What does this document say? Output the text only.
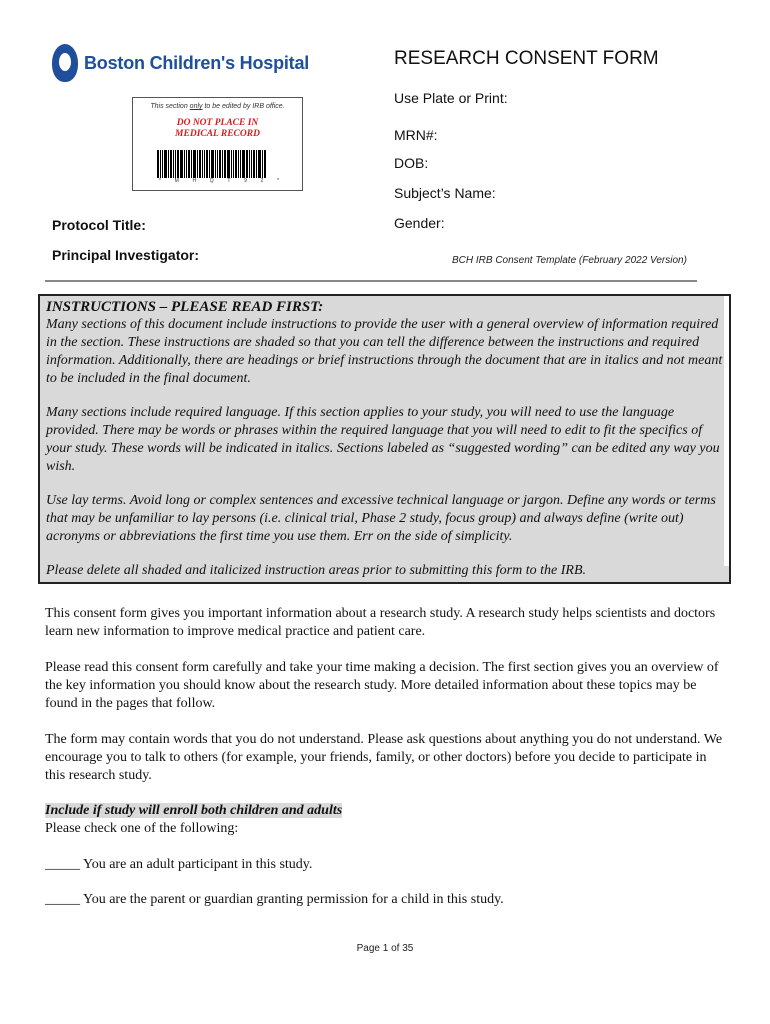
Boston Children's Hospital
This section only to be edited by IRB office.
DO NOT PLACE IN
MEDICAL RECORD
*	M	H	Q	T	9	2	*
RESEARCH CONSENT FORM
Use Plate or Print:
MRN#:
DOB:
Subject’s Name:
Gender:
Protocol Title:
Principal Investigator:	BCH IRB Consent Template (February 2022 Version)

INSTRUCTIONS – PLEASE READ FIRST:

Many sections of this document include instructions to provide the user with a general overview of information required in the section. These instructions are shaded so that you can tell the difference between the instructions and required information. Additionally, there are headings or brief instructions through the document that are in italics and not meant to be included in the final document.

Many sections include required language. If this section applies to your study, you will need to use the language provided. There may be words or phrases within the required language that you will need to edit to fit the specifics of your study. These words will be indicated in italics. Sections labeled as “suggested wording” can be edited any way you wish.

Use lay terms. Avoid long or complex sentences and excessive technical language or jargon. Define any words or terms that may be unfamiliar to lay persons (i.e. clinical trial, Phase 2 study, focus group) and always define (write out) acronyms or abbreviations the first time you use them. Err on the side of simplicity.

Please delete all shaded and italicized instruction areas prior to submitting this form to the IRB.

This consent form gives you important information about a research study. A research study helps scientists and doctors learn new information to improve medical practice and patient care.

Please read this consent form carefully and take your time making a decision. The first section gives you an overview of the key information you should know about the research study. More detailed information about these topics may be found in the pages that follow.

The form may contain words that you do not understand. Please ask questions about anything you do not understand. We encourage you to talk to others (for example, your friends, family, or other doctors) before you decide to participate in this research study.

Include if study will enroll both children and adults

Please check one of the following:

_____ You are an adult participant in this study.

_____ You are the parent or guardian granting permission for a child in this study.

Page 1 of 35
